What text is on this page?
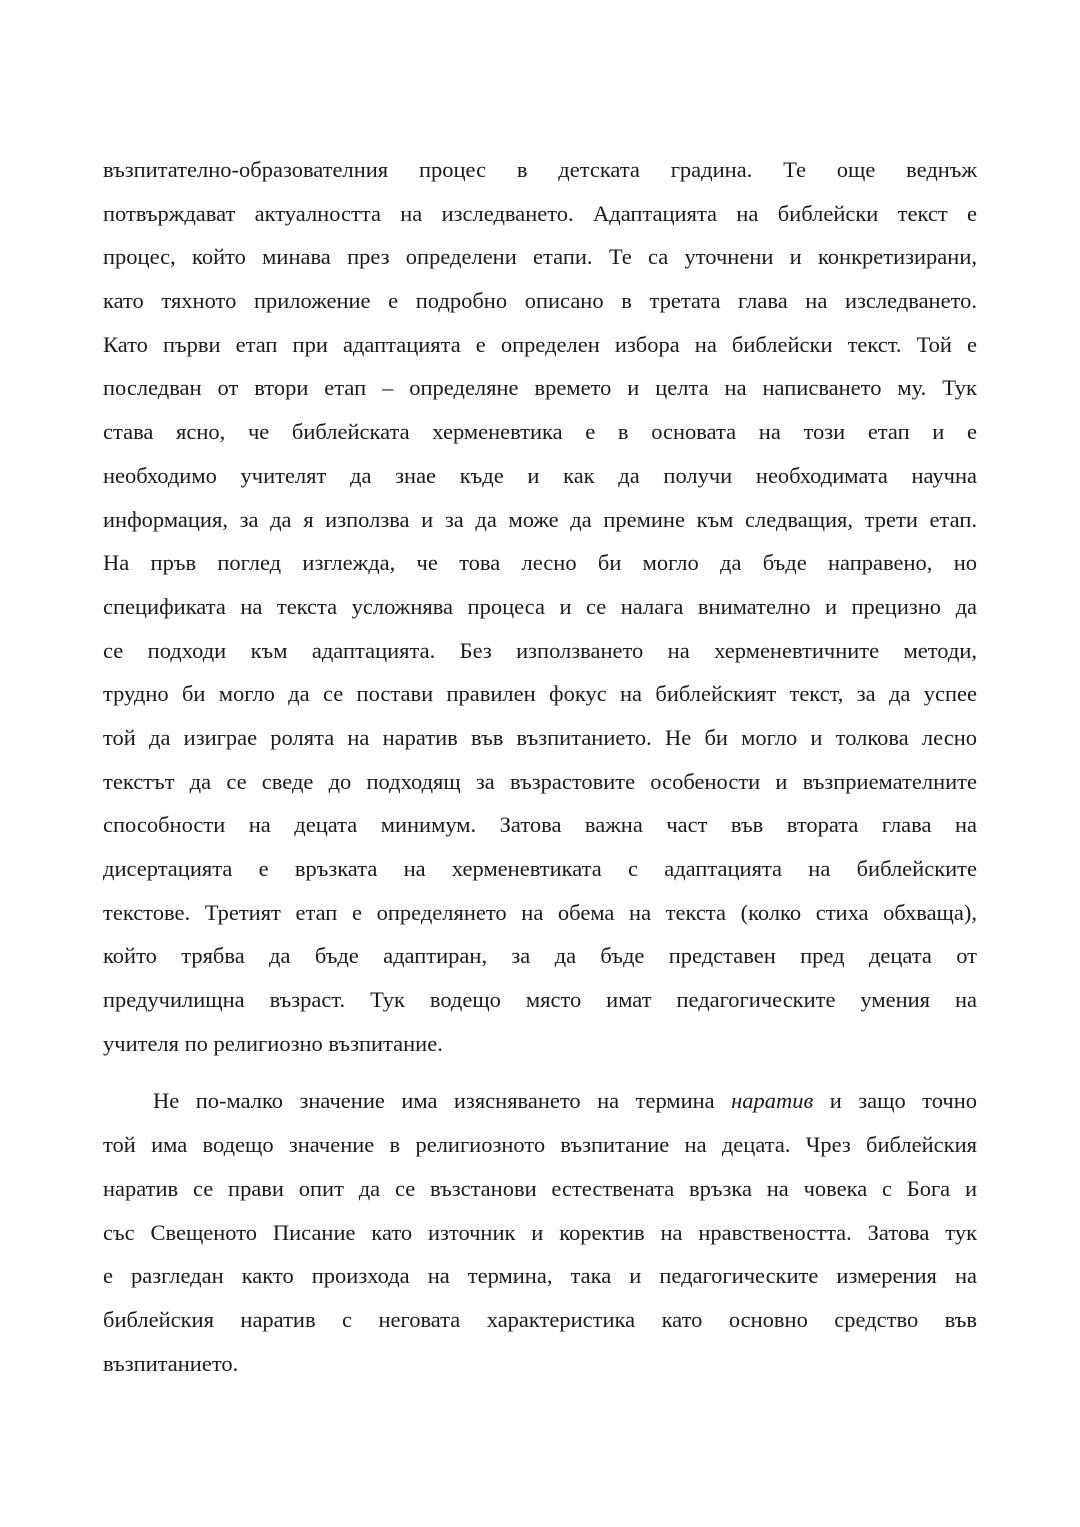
възпитателно-образователния процес в детската градина. Те още веднъж
потвърждават актуалността на изследването. Адаптацията на библейски текст е
процес, който минава през определени етапи. Те са уточнени и конкретизирани,
като тяхното приложение е подробно описано в третата глава на изследването.
Като първи етап при адаптацията е определен избора на библейски текст. Той е
последван от втори етап – определяне времето и целта на написването му. Тук
става ясно, че библейската херменевтика е в основата на този етап и е
необходимо учителят да знае къде и как да получи необходимата научна
информация, за да я използва и за да може да премине към следващия, трети етап.
На пръв поглед изглежда, че това лесно би могло да бъде направено, но
спецификата на текста усложнява процеса и се налага внимателно и прецизно да
се подходи към адаптацията. Без използването на херменевтичните методи,
трудно би могло да се постави правилен фокус на библейският текст, за да успее
той да изиграе ролята на наратив във възпитанието. Не би могло и толкова лесно
текстът да се сведе до подходящ за възрастовите особености и възприемателните
способности на децата минимум. Затова важна част във втората глава на
дисертацията е връзката на херменевтиката с адаптацията на библейските
текстове. Третият етап е определянето на обема на текста (колко стиха обхваща),
който трябва да бъде адаптиран, за да бъде представен пред децата от
предучилищна възраст. Тук водещо място имат педагогическите умения на
учителя по религиозно възпитание.
Не по-малко значение има изясняването на термина наратив и защо точно
той има водещо значение в религиозното възпитание на децата. Чрез библейския
наратив се прави опит да се възстанови естествената връзка на човека с Бога и
със Свещеното Писание като източник и коректив на нравствеността. Затова тук
е разгледан както произхода на термина, така и педагогическите измерения на
библейския наратив с неговата характеристика като основно средство във
възпитанието.
